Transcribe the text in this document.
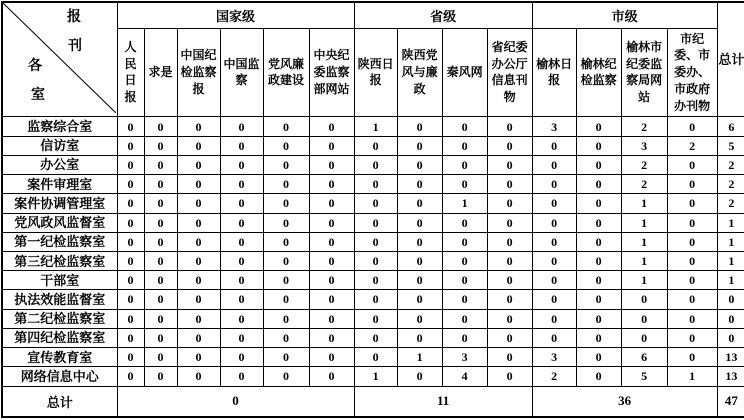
报
刊
各
室	国家级						省级				市级				总计
	人民日报	求是	中国纪检监察报	中国监察	党风廉政建设	中央纪委监察部网站	陕西日报	陕西党风与廉政	秦风网	省纪委办公厅信息刊物	榆林日报	榆林纪检监察	榆林市纪委监察局网站	市纪委、市委办、市政府办刊物	
监察综合室	0	0	0	0	0	0	1	0	0	0	3	0	2	0	6
信访室	0	0	0	0	0	0	0	0	0	0	0	0	3	2	5
办公室	0	0	0	0	0	0	0	0	0	0	0	0	2	0	2
案件审理室	0	0	0	0	0	0	0	0	0	0	0	0	2	0	2
案件协调管理室	0	0	0	0	0	0	0	0	1	0	0	0	1	0	2
党风政风监督室	0	0	0	0	0	0	0	0	0	0	0	0	1	0	1
第一纪检监察室	0	0	0	0	0	0	0	0	0	0	0	0	1	0	1
第三纪检监察室	0	0	0	0	0	0	0	0	0	0	0	0	1	0	1
干部室	0	0	0	0	0	0	0	0	0	0	0	0	1	0	1
执法效能监督室	0	0	0	0	0	0	0	0	0	0	0	0	0	0	0
第二纪检监察室	0	0	0	0	0	0	0	0	0	0	0	0	0	0	0
第四纪检监察室	0	0	0	0	0	0	0	0	0	0	0	0	0	0	0
宣传教育室	0	0	0	0	0	0	0	1	3	0	3	0	6	0	13
网络信息中心	0	0	0	0	0	0	1	0	4	0	2	0	5	1	13
总计	0						11				36				47
